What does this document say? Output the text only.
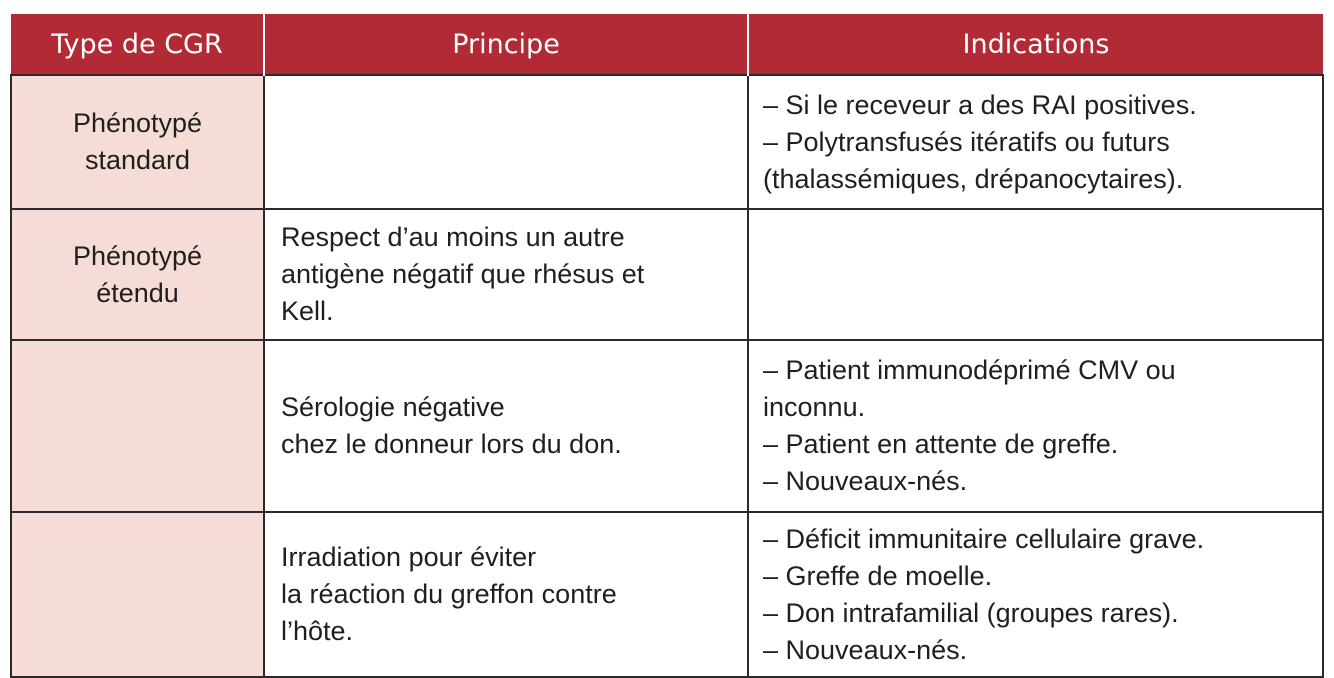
Type de CGR	Principe	Indications

Phénotypé
standard		– Si le receveur a des RAI positives.
– Polytransfusés itératifs ou futurs
(thalassémiques, drépanocytaires).

Phénotypé
étendu	Respect d’au moins un autre
antigène négatif que rhésus et
Kell.	

	Sérologie négative
chez le donneur lors du don.	– Patient immunodéprimé CMV ou
inconnu.
– Patient en attente de greffe.
– Nouveaux-nés.

	Irradiation pour éviter
la réaction du greffon contre
l’hôte.	– Déficit immunitaire cellulaire grave.
– Greffe de moelle.
– Don intrafamilial (groupes rares).
– Nouveaux-nés.
